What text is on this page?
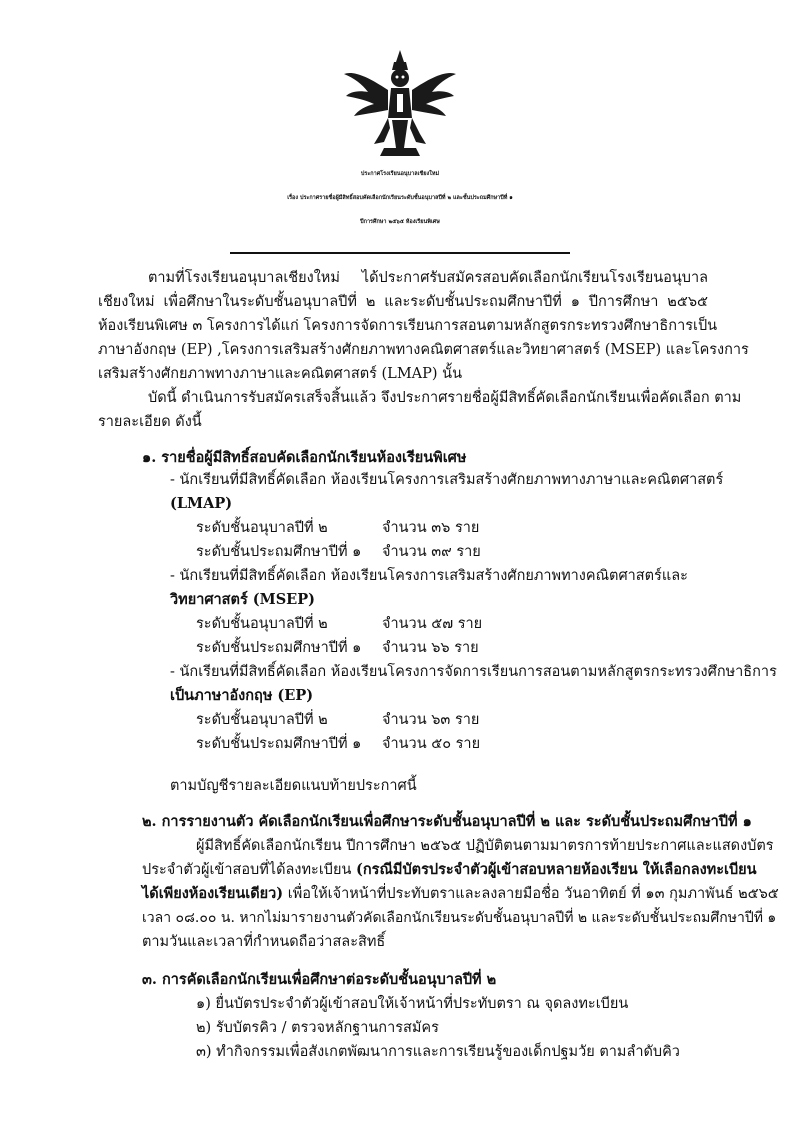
ประกาศโรงเรียนอนุบาลเชียงใหม่
เรื่อง ประกาศรายชื่อผู้มีสิทธิ์สอบคัดเลือกนักเรียนระดับชั้นอนุบาลปีที่ ๒ และชั้นประถมศึกษาปีที่ ๑
ปีการศึกษา ๒๕๖๕ ห้องเรียนพิเศษ
ตามที่โรงเรียนอนุบาลเชียงใหม่ ได้ประกาศรับสมัครสอบคัดเลือกนักเรียนโรงเรียนอนุบาล
เชียงใหม่ เพื่อศึกษาในระดับชั้นอนุบาลปีที่ ๒ และระดับชั้นประถมศึกษาปีที่ ๑ ปีการศึกษา ๒๕๖๕
ห้องเรียนพิเศษ ๓ โครงการได้แก่ โครงการจัดการเรียนการสอนตามหลักสูตรกระทรวงศึกษาธิการเป็น
ภาษาอังกฤษ (EP) ,โครงการเสริมสร้างศักยภาพทางคณิตศาสตร์และวิทยาศาสตร์ (MSEP) และโครงการ
เสริมสร้างศักยภาพทางภาษาและคณิตศาสตร์ (LMAP) นั้น
บัดนี้ ดำเนินการรับสมัครเสร็จสิ้นแล้ว จึงประกาศรายชื่อผู้มีสิทธิ์คัดเลือกนักเรียนเพื่อคัดเลือก ตาม
รายละเอียด ดังนี้
๑. รายชื่อผู้มีสิทธิ์สอบคัดเลือกนักเรียนห้องเรียนพิเศษ
- นักเรียนที่มีสิทธิ์คัดเลือก ห้องเรียนโครงการเสริมสร้างศักยภาพทางภาษาและคณิตศาสตร์
(LMAP)
ระดับชั้นอนุบาลปีที่ ๒	จำนวน ๓๖ ราย
ระดับชั้นประถมศึกษาปีที่ ๑ จำนวน ๓๙ ราย
- นักเรียนที่มีสิทธิ์คัดเลือก ห้องเรียนโครงการเสริมสร้างศักยภาพทางคณิตศาสตร์และ
วิทยาศาสตร์ (MSEP)
ระดับชั้นอนุบาลปีที่ ๒	จำนวน ๕๗ ราย
ระดับชั้นประถมศึกษาปีที่ ๑ จำนวน ๖๖ ราย
- นักเรียนที่มีสิทธิ์คัดเลือก ห้องเรียนโครงการจัดการเรียนการสอนตามหลักสูตรกระทรวงศึกษาธิการ
เป็นภาษาอังกฤษ (EP)
ระดับชั้นอนุบาลปีที่ ๒	จำนวน ๖๓ ราย
ระดับชั้นประถมศึกษาปีที่ ๑ จำนวน ๕๐ ราย
ตามบัญชีรายละเอียดแนบท้ายประกาศนี้
๒. การรายงานตัว คัดเลือกนักเรียนเพื่อศึกษาระดับชั้นอนุบาลปีที่ ๒ และ ระดับชั้นประถมศึกษาปีที่ ๑
ผู้มีสิทธิ์คัดเลือกนักเรียน ปีการศึกษา ๒๕๖๕ ปฏิบัติตนตามมาตรการท้ายประกาศและแสดงบัตร
ประจำตัวผู้เข้าสอบที่ได้ลงทะเบียน (กรณีมีบัตรประจำตัวผู้เข้าสอบหลายห้องเรียน ให้เลือกลงทะเบียน
ได้เพียงห้องเรียนเดียว) เพื่อให้เจ้าหน้าที่ประทับตราและลงลายมือชื่อ วันอาทิตย์ ที่ ๑๓ กุมภาพันธ์ ๒๕๖๕
เวลา ๐๘.๐๐ น. หากไม่มารายงานตัวคัดเลือกนักเรียนระดับชั้นอนุบาลปีที่ ๒ และระดับชั้นประถมศึกษาปีที่ ๑
ตามวันและเวลาที่กำหนดถือว่าสละสิทธิ์
๓. การคัดเลือกนักเรียนเพื่อศึกษาต่อระดับชั้นอนุบาลปีที่ ๒
๑) ยื่นบัตรประจำตัวผู้เข้าสอบให้เจ้าหน้าที่ประทับตรา ณ จุดลงทะเบียน
๒) รับบัตรคิว / ตรวจหลักฐานการสมัคร
๓) ทำกิจกรรมเพื่อสังเกตพัฒนาการและการเรียนรู้ของเด็กปฐมวัย ตามลำดับคิว
